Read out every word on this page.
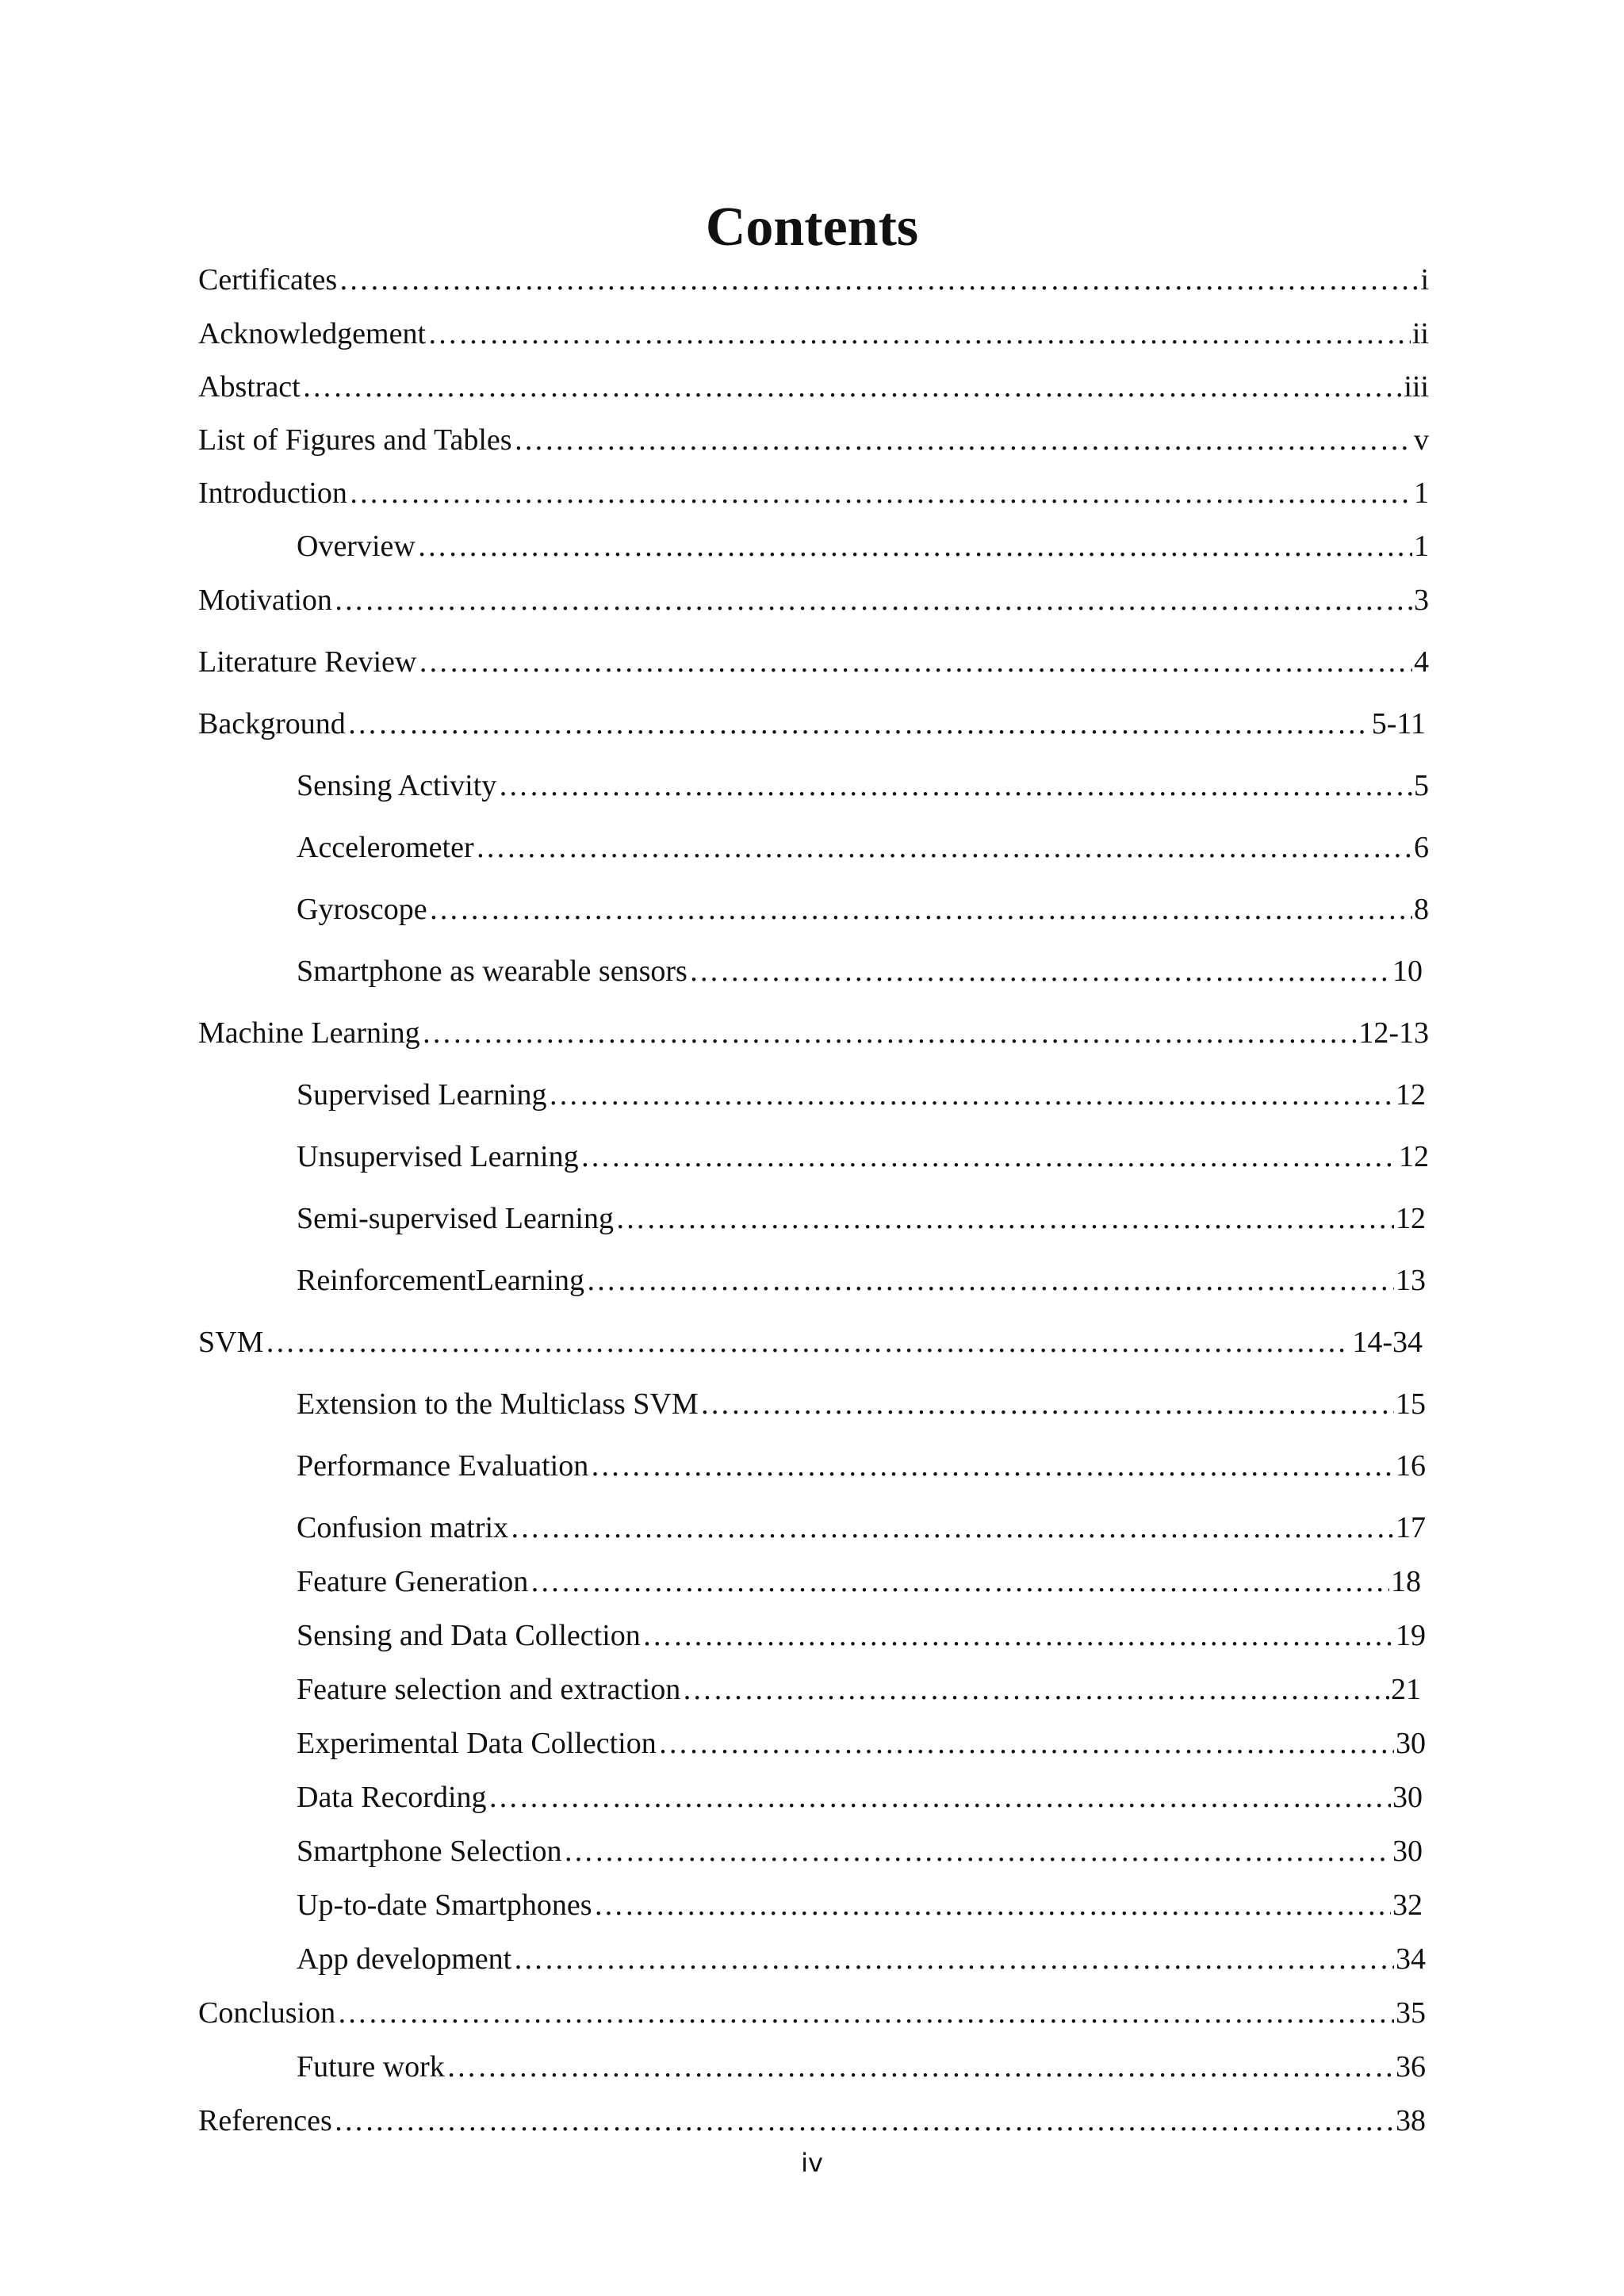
Contents
Certificates ………………………………………………………………………………………………………………………………………………………………………………………………………………………………………………………………………………………	i
Acknowledgement ………………………………………………………………………………………………………………………………………………………………………………………………………………………………………………………………………………………	ii
Abstract ………………………………………………………………………………………………………………………………………………………………………………………………………………………………………………………………………………………	iii
List of Figures and Tables ………………………………………………………………………………………………………………………………………………………………………………………………………………………………………………………………………………………	v
Introduction ………………………………………………………………………………………………………………………………………………………………………………………………………………………………………………………………………………………	1
Overview ………………………………………………………………………………………………………………………………………………………………………………………………………………………………………………………………………………………	1
Motivation ………………………………………………………………………………………………………………………………………………………………………………………………………………………………………………………………………………………	3
Literature Review ………………………………………………………………………………………………………………………………………………………………………………………………………………………………………………………………………………………	4
Background ………………………………………………………………………………………………………………………………………………………………………………………………………………………………………………………………………………………	5-11
Sensing Activity ………………………………………………………………………………………………………………………………………………………………………………………………………………………………………………………………………………………	5
Accelerometer ………………………………………………………………………………………………………………………………………………………………………………………………………………………………………………………………………………………	6
Gyroscope ………………………………………………………………………………………………………………………………………………………………………………………………………………………………………………………………………………………	8
Smartphone as wearable sensors ………………………………………………………………………………………………………………………………………………………………………………………………………………………………………………………………………………………	10
Machine Learning ………………………………………………………………………………………………………………………………………………………………………………………………………………………………………………………………………………………	12-13
Supervised Learning ………………………………………………………………………………………………………………………………………………………………………………………………………………………………………………………………………………………	12
Unsupervised Learning ………………………………………………………………………………………………………………………………………………………………………………………………………………………………………………………………………………………	12
Semi-supervised Learning ………………………………………………………………………………………………………………………………………………………………………………………………………………………………………………………………………………………	12
ReinforcementLearning ………………………………………………………………………………………………………………………………………………………………………………………………………………………………………………………………………………………	13
SVM ………………………………………………………………………………………………………………………………………………………………………………………………………………………………………………………………………………………	14-34
Extension to the Multiclass SVM ………………………………………………………………………………………………………………………………………………………………………………………………………………………………………………………………………………………	15
Performance Evaluation ………………………………………………………………………………………………………………………………………………………………………………………………………………………………………………………………………………………	16
Confusion matrix ………………………………………………………………………………………………………………………………………………………………………………………………………………………………………………………………………………………	17
Feature Generation ………………………………………………………………………………………………………………………………………………………………………………………………………………………………………………………………………………………	18
Sensing and Data Collection ………………………………………………………………………………………………………………………………………………………………………………………………………………………………………………………………………………………	19
Feature selection and extraction ………………………………………………………………………………………………………………………………………………………………………………………………………………………………………………………………………………………	21
Experimental Data Collection ………………………………………………………………………………………………………………………………………………………………………………………………………………………………………………………………………………………	30
Data Recording ………………………………………………………………………………………………………………………………………………………………………………………………………………………………………………………………………………………	30
Smartphone Selection ………………………………………………………………………………………………………………………………………………………………………………………………………………………………………………………………………………………	30
Up-to-date Smartphones ………………………………………………………………………………………………………………………………………………………………………………………………………………………………………………………………………………………	32
App development ………………………………………………………………………………………………………………………………………………………………………………………………………………………………………………………………………………………	34
Conclusion ………………………………………………………………………………………………………………………………………………………………………………………………………………………………………………………………………………………	35
Future work ………………………………………………………………………………………………………………………………………………………………………………………………………………………………………………………………………………………	36
References ………………………………………………………………………………………………………………………………………………………………………………………………………………………………………………………………………………………	38
iv
